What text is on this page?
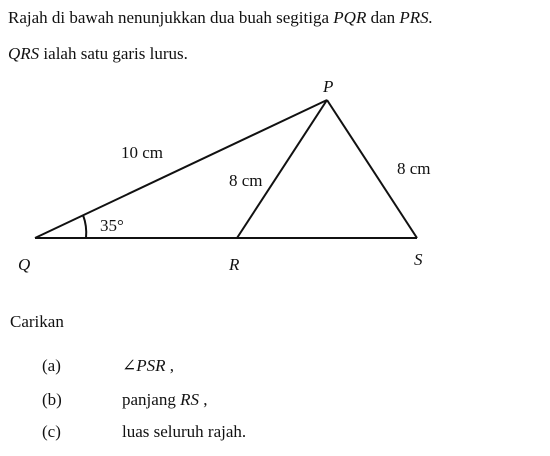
Rajah di bawah nenunjukkan dua buah segitiga PQR dan PRS.
QRS ialah satu garis lurus.
P
Q	R	S
10 cm
8 cm
8 cm
35°
Carikan
(a)	∠PSR ,
(b)	panjang RS ,
(c)	luas seluruh rajah.
